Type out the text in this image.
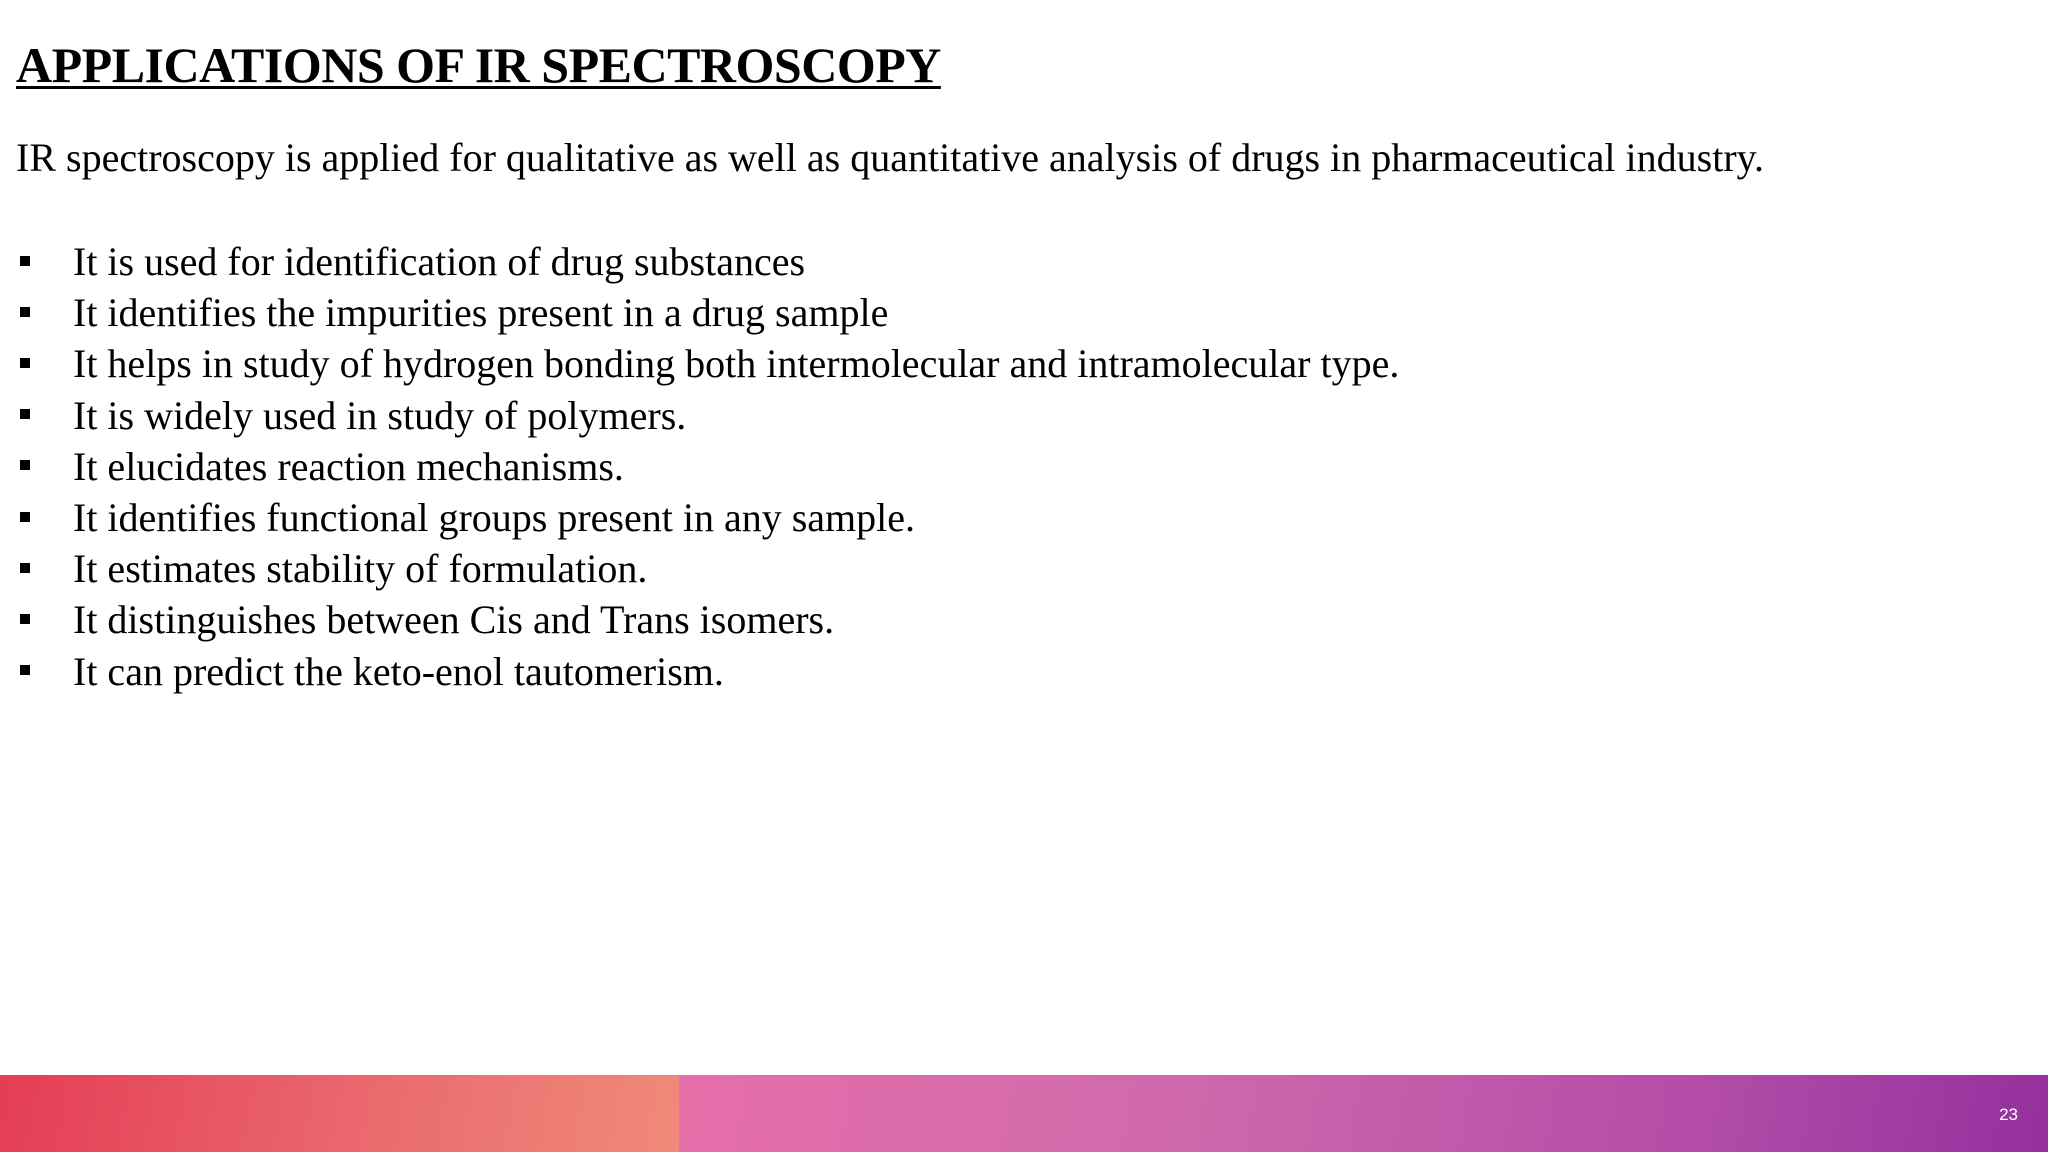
APPLICATIONS OF IR SPECTROSCOPY

IR spectroscopy is applied for qualitative as well as quantitative analysis of drugs in pharmaceutical industry.

It is used for identification of drug substances
It identifies the impurities present in a drug sample
It helps in study of hydrogen bonding both intermolecular and intramolecular type.
It is widely used in study of polymers.
It elucidates reaction mechanisms.
It identifies functional groups present in any sample.
It estimates stability of formulation.
It distinguishes between Cis and Trans isomers.
It can predict the keto-enol tautomerism.
23
